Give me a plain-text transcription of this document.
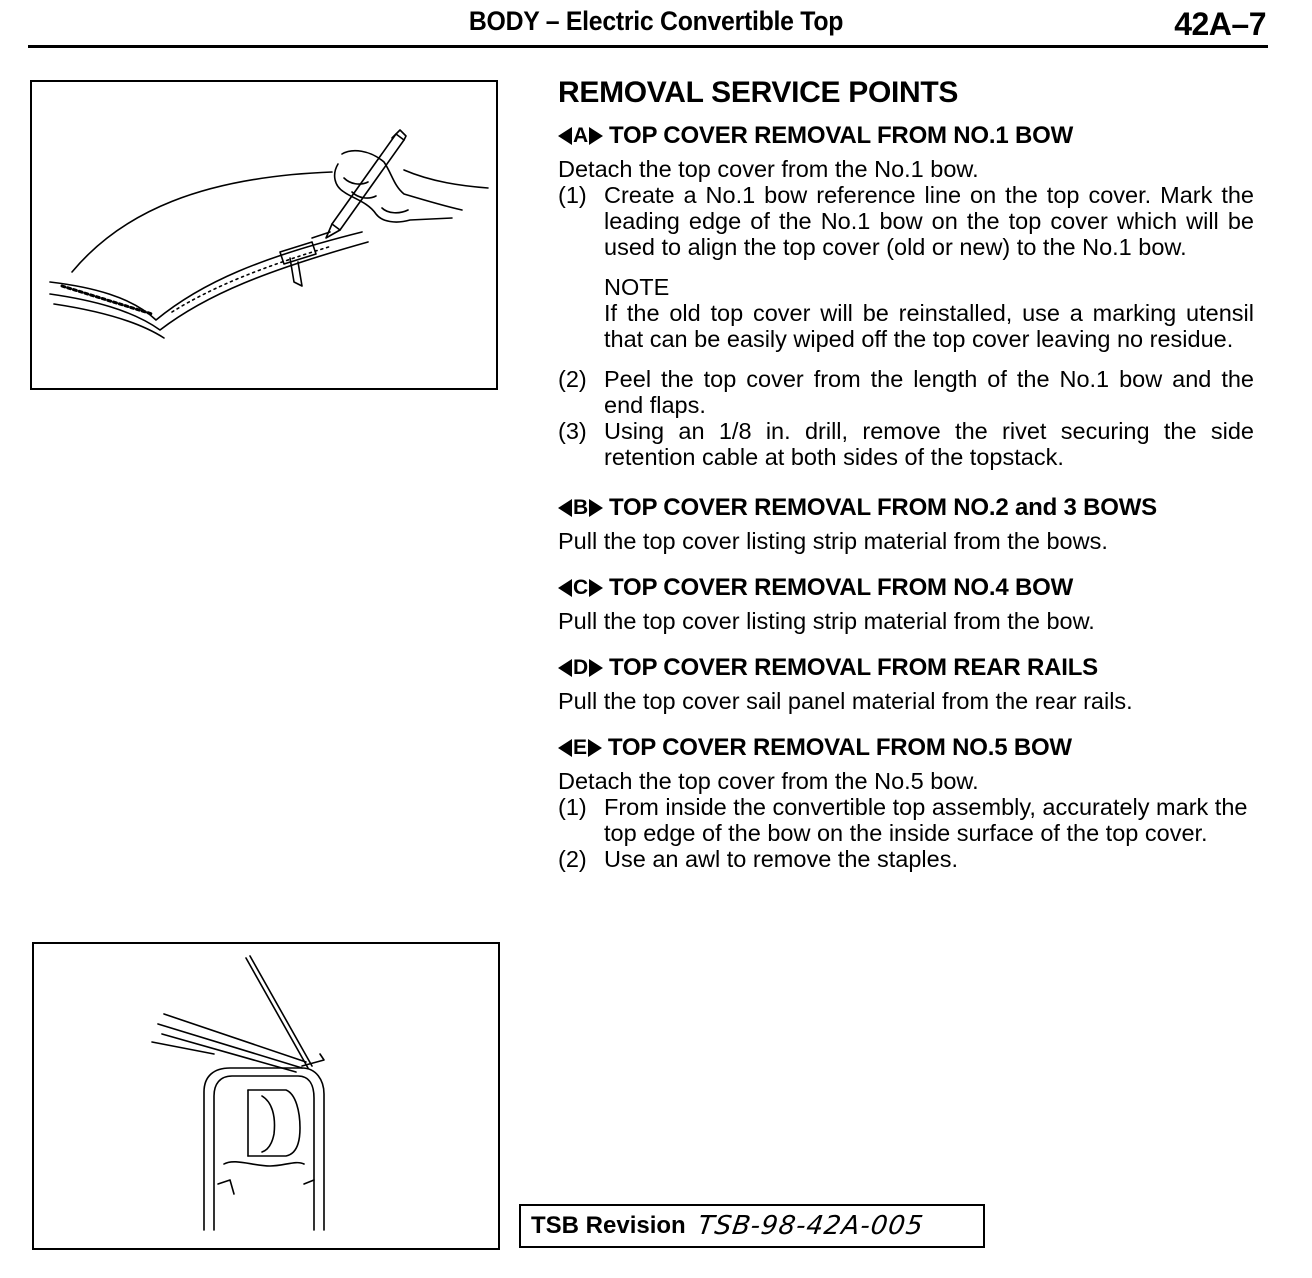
BODY – Electric Convertible Top	42A–7
REMOVAL SERVICE POINTS
A TOP COVER REMOVAL FROM NO.1 BOW

Detach the top cover from the No.1 bow.

(1) Create a No.1 bow reference line on the top cover. Mark the leading edge of the No.1 bow on the top cover which will be used to align the top cover (old or new) to the No.1 bow.
NOTE
If the old top cover will be reinstalled, use a marking utensil that can be easily wiped off the top cover leaving no residue.
(2) Peel the top cover from the length of the No.1 bow and the end flaps.
(3) Using an 1/8 in. drill, remove the rivet securing the side retention cable at both sides of the topstack.
B TOP COVER REMOVAL FROM NO.2 and 3 BOWS

Pull the top cover listing strip material from the bows.

C TOP COVER REMOVAL FROM NO.4 BOW

Pull the top cover listing strip material from the bow.

D TOP COVER REMOVAL FROM REAR RAILS

Pull the top cover sail panel material from the rear rails.

E TOP COVER REMOVAL FROM NO.5 BOW

Detach the top cover from the No.5 bow.

(1) From inside the convertible top assembly, accurately mark the top edge of the bow on the inside surface of the top cover.
(2) Use an awl to remove the staples.
TSB Revision TSB-98-42A-005
